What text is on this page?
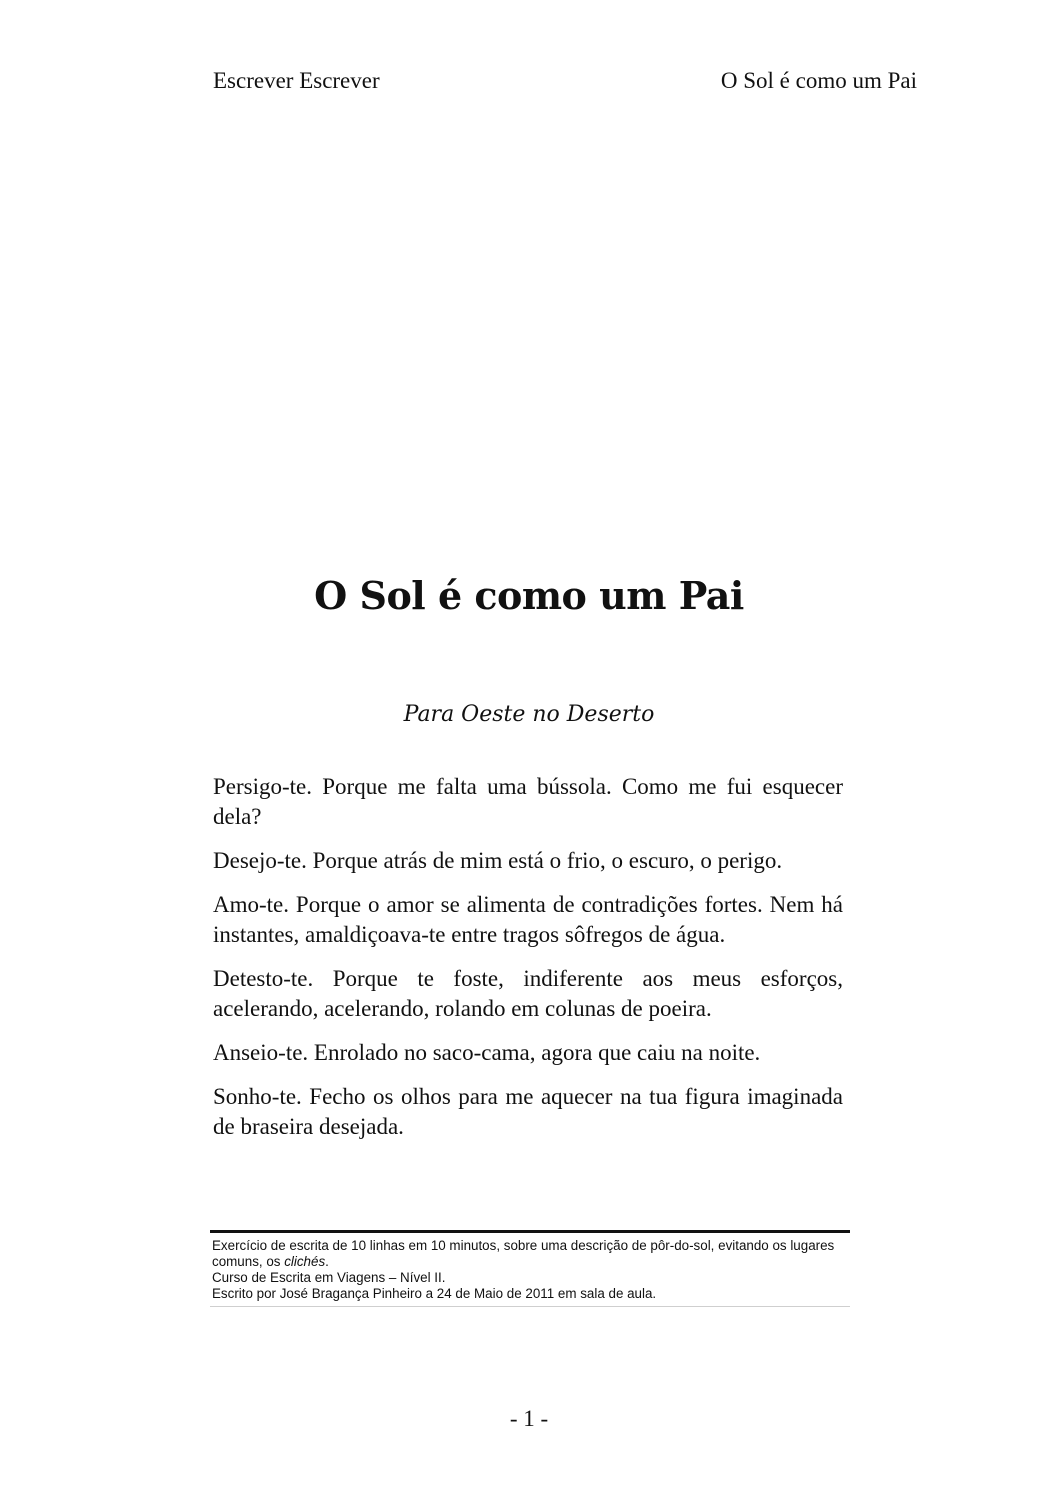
Escrever Escrever	O Sol é como um Pai
O Sol é como um Pai
Para Oeste no Deserto

Persigo-te. Porque me falta uma bússola. Como me fui esquecer dela?

Desejo-te. Porque atrás de mim está o frio, o escuro, o perigo.

Amo-te. Porque o amor se alimenta de contradições fortes. Nem há instantes, amaldiçoava-te entre tragos sôfregos de água.

Detesto-te. Porque te foste, indiferente aos meus esforços, acelerando, acelerando, rolando em colunas de poeira.

Anseio-te. Enrolado no saco-cama, agora que caiu na noite.

Sonho-te. Fecho os olhos para me aquecer na tua figura imaginada de braseira desejada.

Exercício de escrita de 10 linhas em 10 minutos, sobre uma descrição de pôr-do-sol, evitando os lugares comuns, os clichés.
Curso de Escrita em Viagens – Nível II.
Escrito por José Bragança Pinheiro a 24 de Maio de 2011 em sala de aula.
- 1 -
